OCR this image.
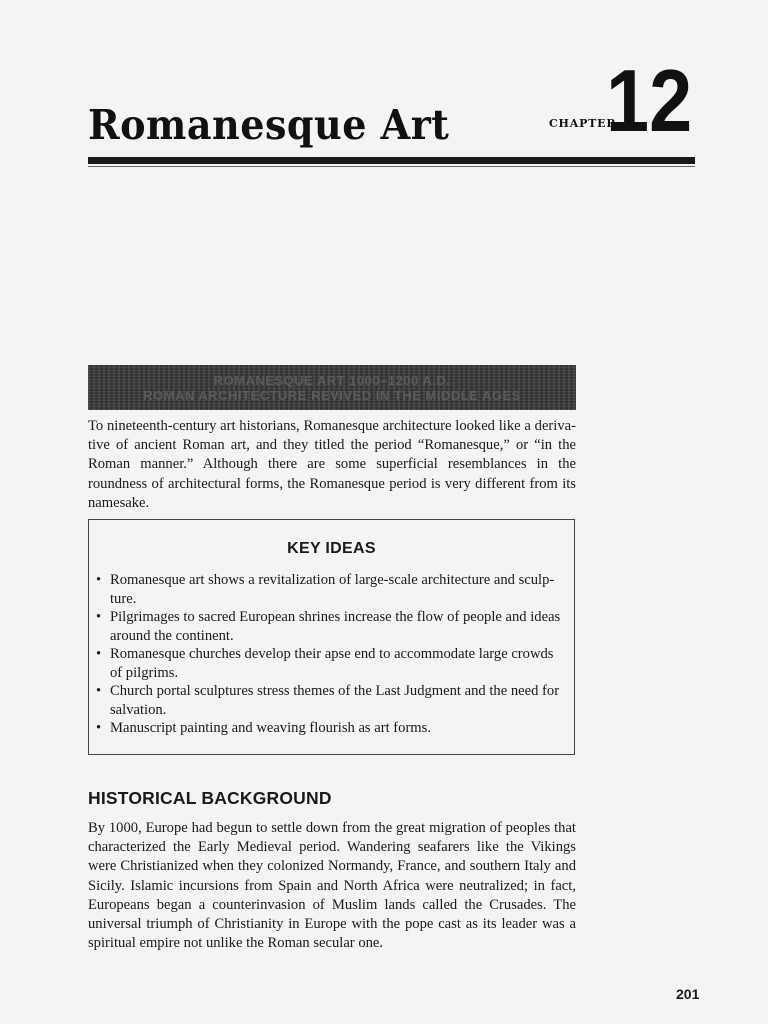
Romanesque Art	CHAPTER
12
ROMANESQUE ART 1000–1200 A.D.
ROMAN ARCHITECTURE REVIVED IN THE MIDDLE AGES
To nineteenth-century art historians, Romanesque architecture looked like a derivative of ancient Roman art, and they titled the period “Romanesque,” or “in the Roman manner.” Although there are some superficial resemblances in the roundness of architectural forms, the Romanesque period is very different from its namesake.
KEY IDEAS
• Romanesque art shows a revitalization of large-scale architecture and sculpture.
• Pilgrimages to sacred European shrines increase the flow of people and ideas around the continent.
• Romanesque churches develop their apse end to accommodate large crowds of pilgrims.
• Church portal sculptures stress themes of the Last Judgment and the need for salvation.
• Manuscript painting and weaving flourish as art forms.
HISTORICAL BACKGROUND
By 1000, Europe had begun to settle down from the great migration of peoples that characterized the Early Medieval period. Wandering seafarers like the Vikings were Christianized when they colonized Normandy, France, and southern Italy and Sicily. Islamic incursions from Spain and North Africa were neutralized; in fact, Europeans began a counterinvasion of Muslim lands called the Crusades. The universal triumph of Christianity in Europe with the pope cast as its leader was a spiritual empire not unlike the Roman secular one.
201
